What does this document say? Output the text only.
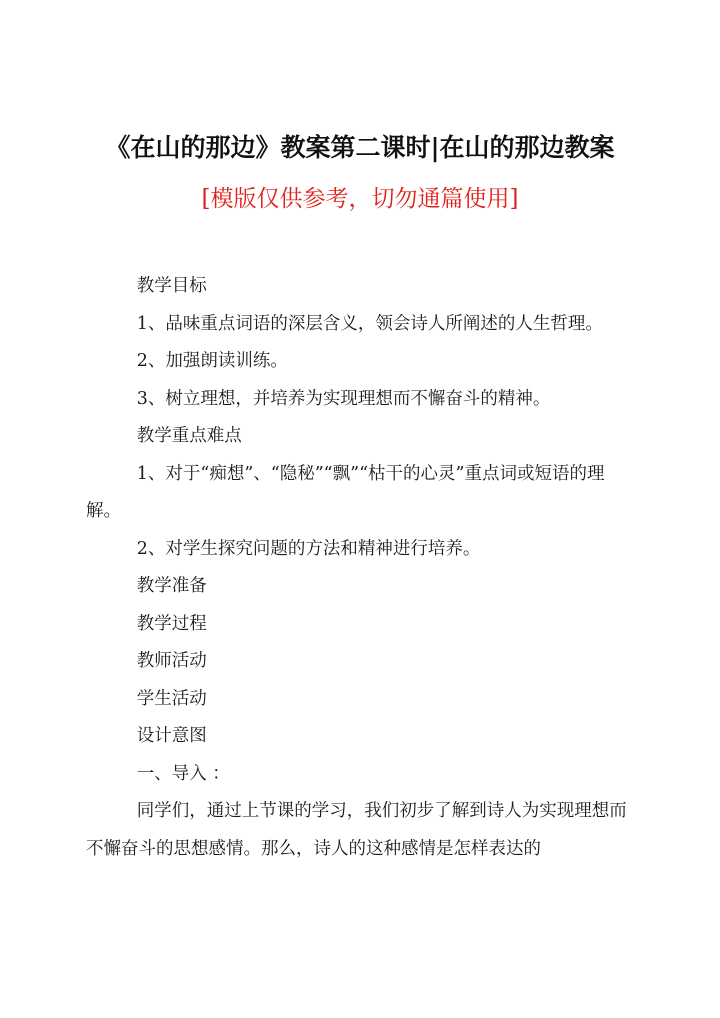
《在山的那边》教案第二课时|在山的那边教案
[模版仅供参考，切勿通篇使用]

教学目标

1、品味重点词语的深层含义，领会诗人所阐述的人生哲理。

2、加强朗读训练。

3、树立理想，并培养为实现理想而不懈奋斗的精神。

教学重点难点

1、对于“痴想”、“隐秘”“飘”“枯干的心灵”重点词或短语的理解。

2、对学生探究问题的方法和精神进行培养。

教学准备

教学过程

教师活动

学生活动

设计意图

一、导入 ：

同学们，通过上节课的学习，我们初步了解到诗人为实现理想而不懈奋斗的思想感情。那么，诗人的这种感情是怎样表达的
